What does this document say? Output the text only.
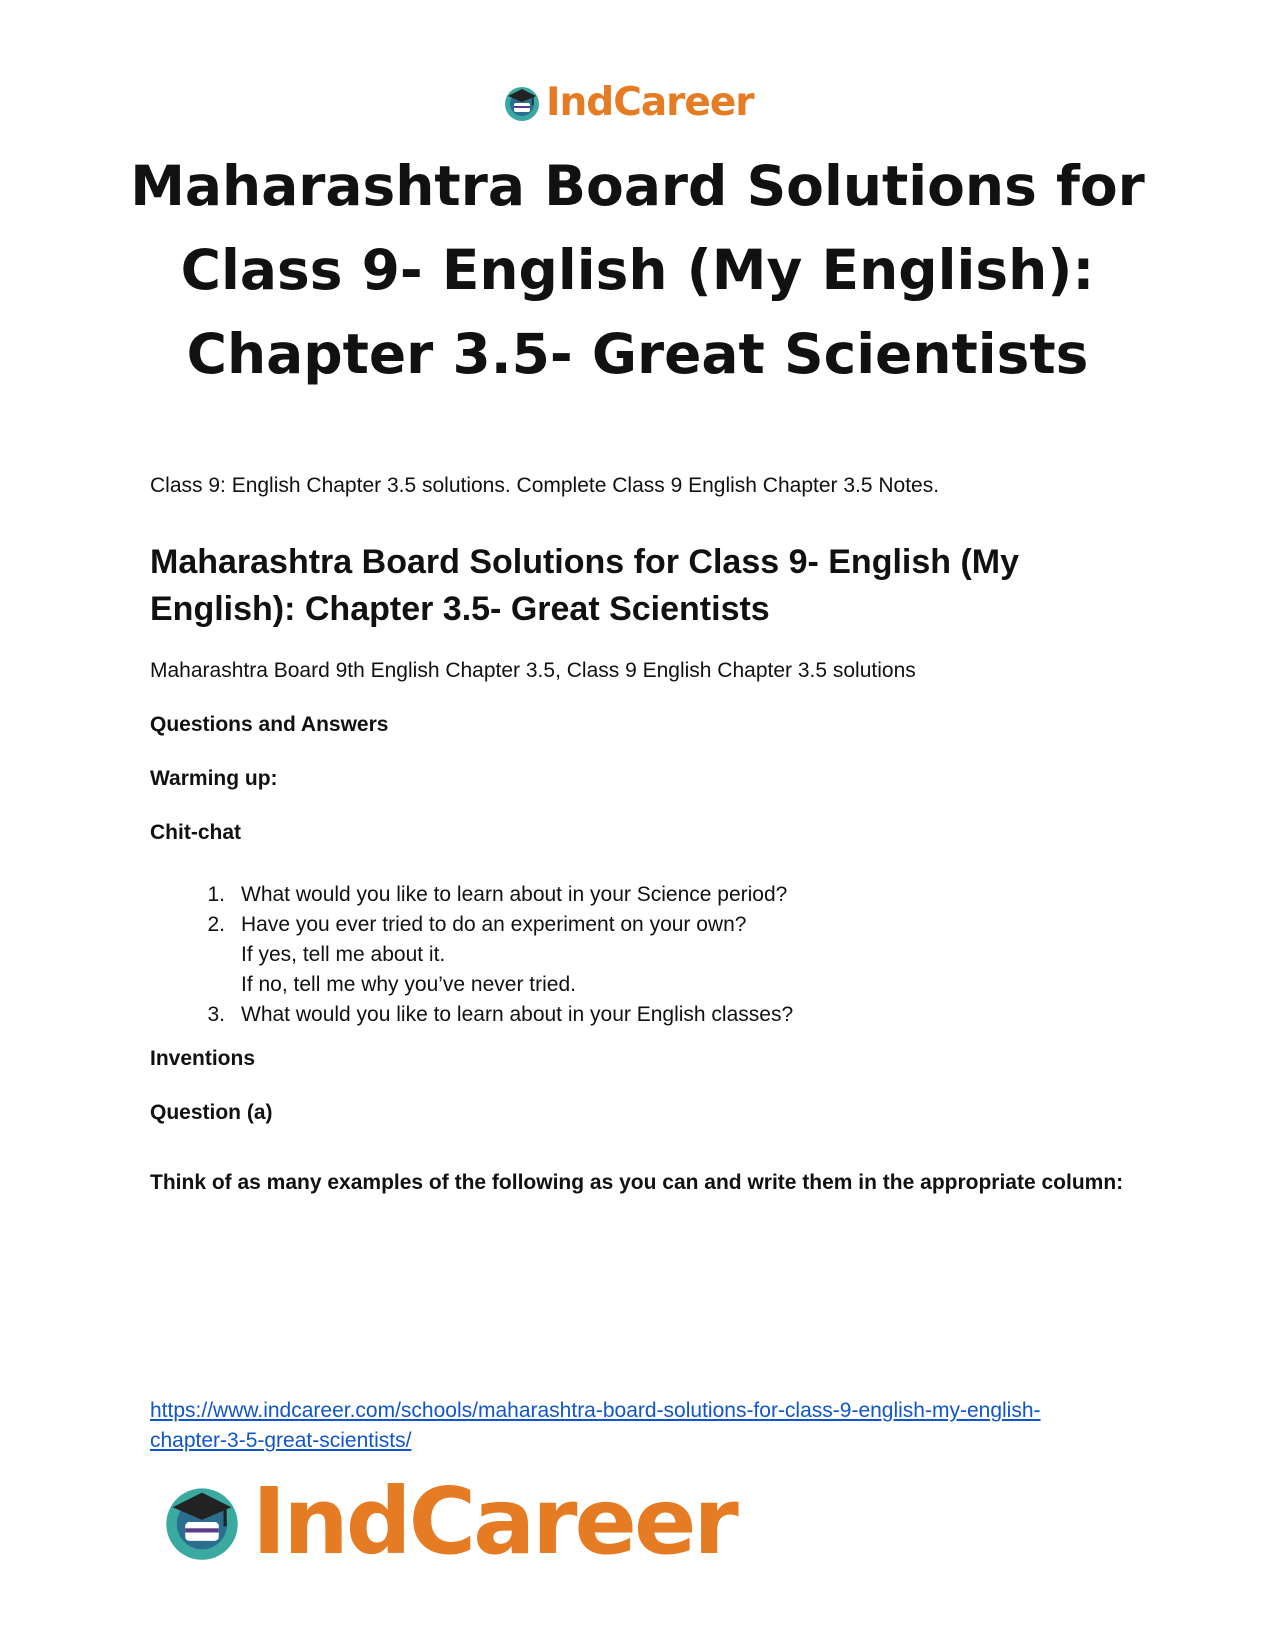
IndCareer
Maharashtra Board Solutions for
Class 9- English (My English):
Chapter 3.5- Great Scientists

Class 9: English Chapter 3.5 solutions. Complete Class 9 English Chapter 3.5 Notes.

Maharashtra Board Solutions for Class 9- English (My English): Chapter 3.5- Great Scientists

Maharashtra Board 9th English Chapter 3.5, Class 9 English Chapter 3.5 solutions

Questions and Answers

Warming up:

Chit-chat

1. What would you like to learn about in your Science period?
2. Have you ever tried to do an experiment on your own?
If yes, tell me about it.
If no, tell me why you’ve never tried.
3. What would you like to learn about in your English classes?

Inventions

Question (a)

Think of as many examples of the following as you can and write them in the appropriate column:

https://www.indcareer.com/schools/maharashtra-board-solutions-for-class-9-english-my-english-
chapter-3-5-great-scientists/
IndCareer
